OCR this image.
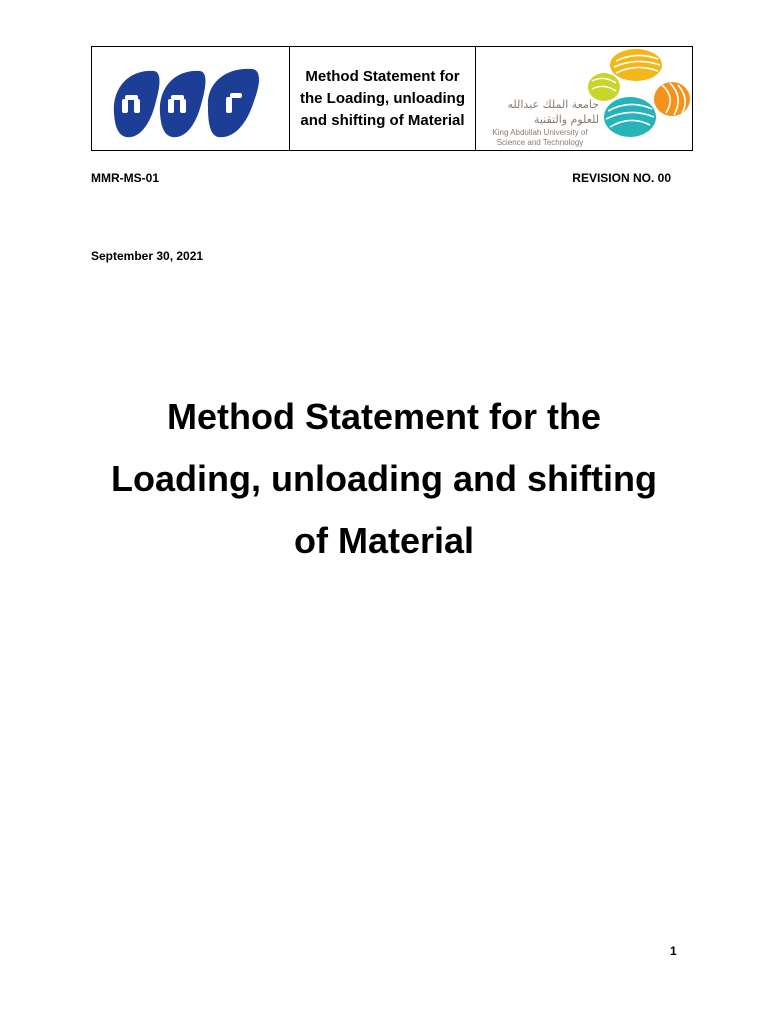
Method Statement for
the Loading, unloading
and shifting of Material

جامعة الملك عبدالله
للعلوم والتقنية
King Abdullah University of
Science and Technology
MMR-MS-01	REVISION NO. 00
September 30, 2021
Method Statement for the
Loading, unloading and shifting
of Material
1
